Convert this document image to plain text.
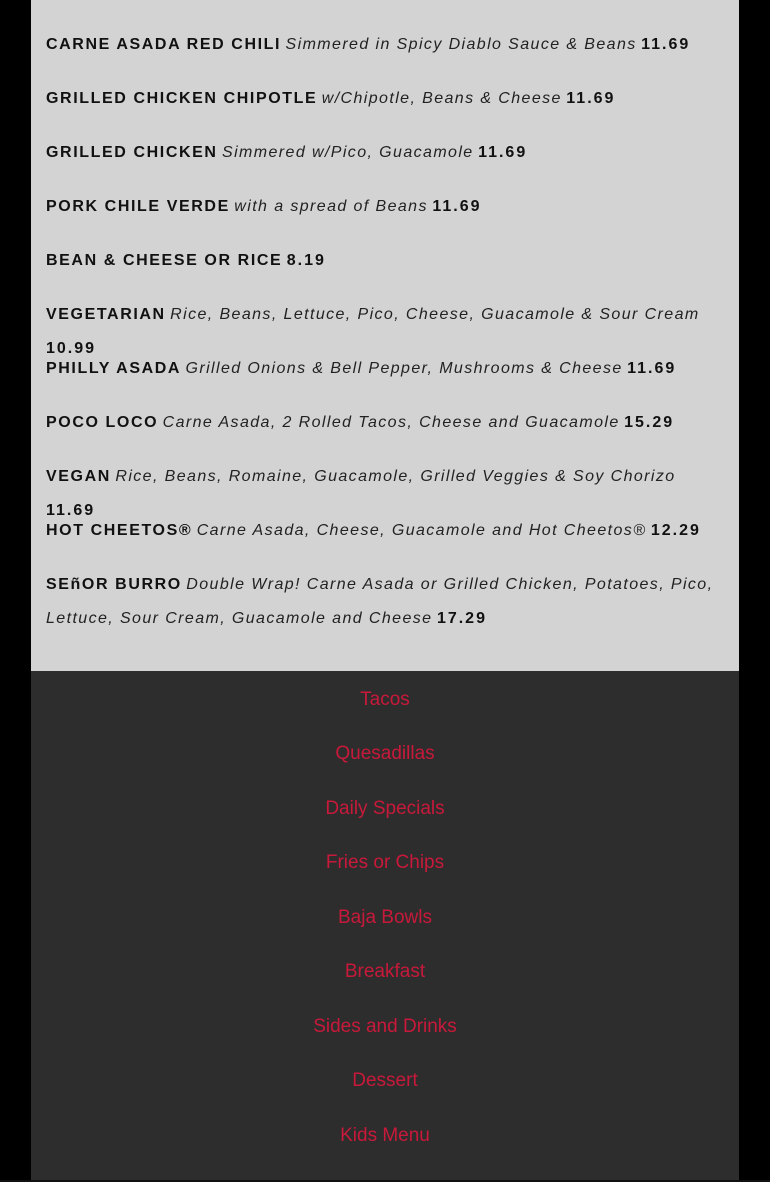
CARNE ASADA RED CHILI Simmered in Spicy Diablo Sauce & Beans 11.69
GRILLED CHICKEN CHIPOTLE w/Chipotle, Beans & Cheese 11.69
GRILLED CHICKEN Simmered w/Pico, Guacamole 11.69
PORK CHILE VERDE with a spread of Beans 11.69
BEAN & CHEESE OR RICE 8.19
VEGETARIAN Rice, Beans, Lettuce, Pico, Cheese, Guacamole & Sour Cream 10.99
PHILLY ASADA Grilled Onions & Bell Pepper, Mushrooms & Cheese 11.69
POCO LOCO Carne Asada, 2 Rolled Tacos, Cheese and Guacamole 15.29
VEGAN Rice, Beans, Romaine, Guacamole, Grilled Veggies & Soy Chorizo 11.69
HOT CHEETOS® Carne Asada, Cheese, Guacamole and Hot Cheetos® 12.29
SEñOR BURRO Double Wrap! Carne Asada or Grilled Chicken, Potatoes, Pico, Lettuce, Sour Cream, Guacamole and Cheese 17.29
Tacos
Quesadillas
Daily Specials
Fries or Chips
Baja Bowls
Breakfast
Sides and Drinks
Dessert
Kids Menu
